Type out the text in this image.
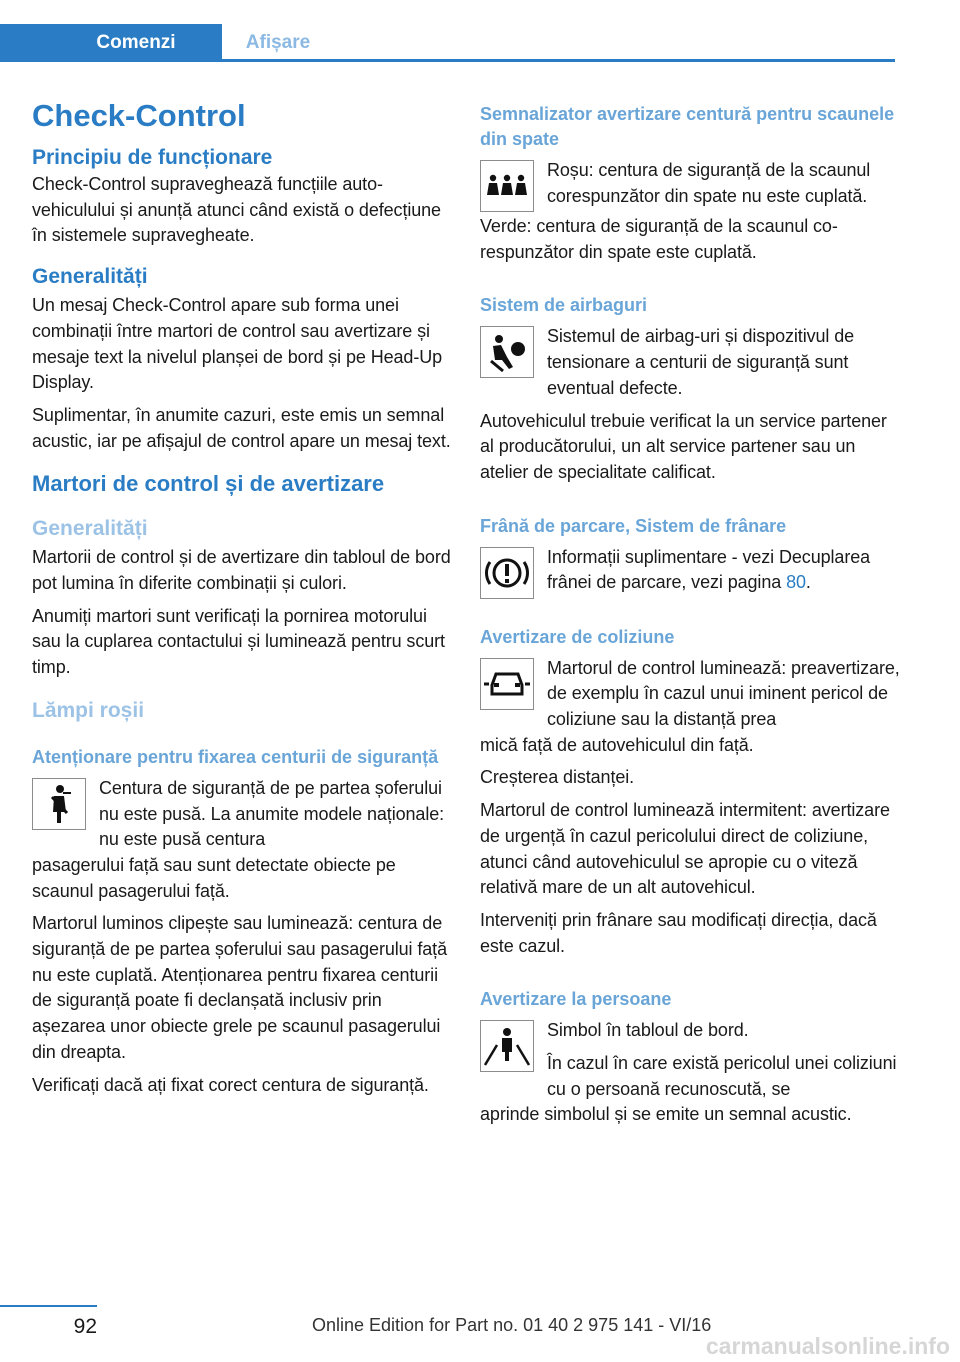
Comenzi	Afișare
Check-Control
Principiu de funcționare

Check-Control supraveghează funcțiile autovehiculului și anunță atunci când există o defecțiune în sistemele supravegheate.

Generalități

Un mesaj Check-Control apare sub forma unei combinații între martori de control sau avertizare și mesaje text la nivelul planșei de bord și pe Head-Up Display.

Suplimentar, în anumite cazuri, este emis un semnal acustic, iar pe afișajul de control apare un mesaj text.

Martori de control și de avertizare
Generalități

Martorii de control și de avertizare din tabloul de bord pot lumina în diferite combinații și culori.

Anumiți martori sunt verificați la pornirea motorului sau la cuplarea contactului și luminează pentru scurt timp.

Lămpi roșii
Atenționare pentru fixarea centurii de siguranță

Centura de siguranță de pe partea șoferului nu este pusă. La anumite modele naționale: nu este pusă centura

pasagerului față sau sunt detectate obiecte pe scaunul pasagerului față.

Martorul luminos clipește sau luminează: centura de siguranță de pe partea șoferului sau pasagerului față nu este cuplată. Atenționarea pentru fixarea centurii de siguranță poate fi declanșată inclusiv prin așezarea unor obiecte grele pe scaunul pasagerului din dreapta.

Verificați dacă ați fixat corect centura de siguranță.

Semnalizator avertizare centură pentru scaunele din spate

Roșu: centura de siguranță de la scaunul corespunzător din spate nu este cuplată.

Verde: centura de siguranță de la scaunul corespunzător din spate este cuplată.

Sistem de airbaguri

Sistemul de airbag-uri și dispozitivul de tensionare a centurii de siguranță sunt eventual defecte.

Autovehiculul trebuie verificat la un service partener al producătorului, un alt service partener sau un atelier de specialitate calificat.

Frână de parcare, Sistem de frânare

Informații suplimentare - vezi Decuplarea frânei de parcare, vezi pagina 80.

Avertizare de coliziune

Martorul de control luminează: preavertizare, de exemplu în cazul unui iminent pericol de coliziune sau la distanță prea

mică față de autovehiculul din față.

Creșterea distanței.

Martorul de control luminează intermitent: avertizare de urgență în cazul pericolului direct de coliziune, atunci când autovehiculul se apropie cu o viteză relativă mare de un alt autovehicul.

Interveniți prin frânare sau modificați direcția, dacă este cazul.

Avertizare la persoane

Simbol în tabloul de bord.

În cazul în care există pericolul unei coliziuni cu o persoană recunoscută, se

aprinde simbolul și se emite un semnal acustic.

92	Online Edition for Part no. 01 40 2 975 141 - VI/16
carmanualsonline.info
